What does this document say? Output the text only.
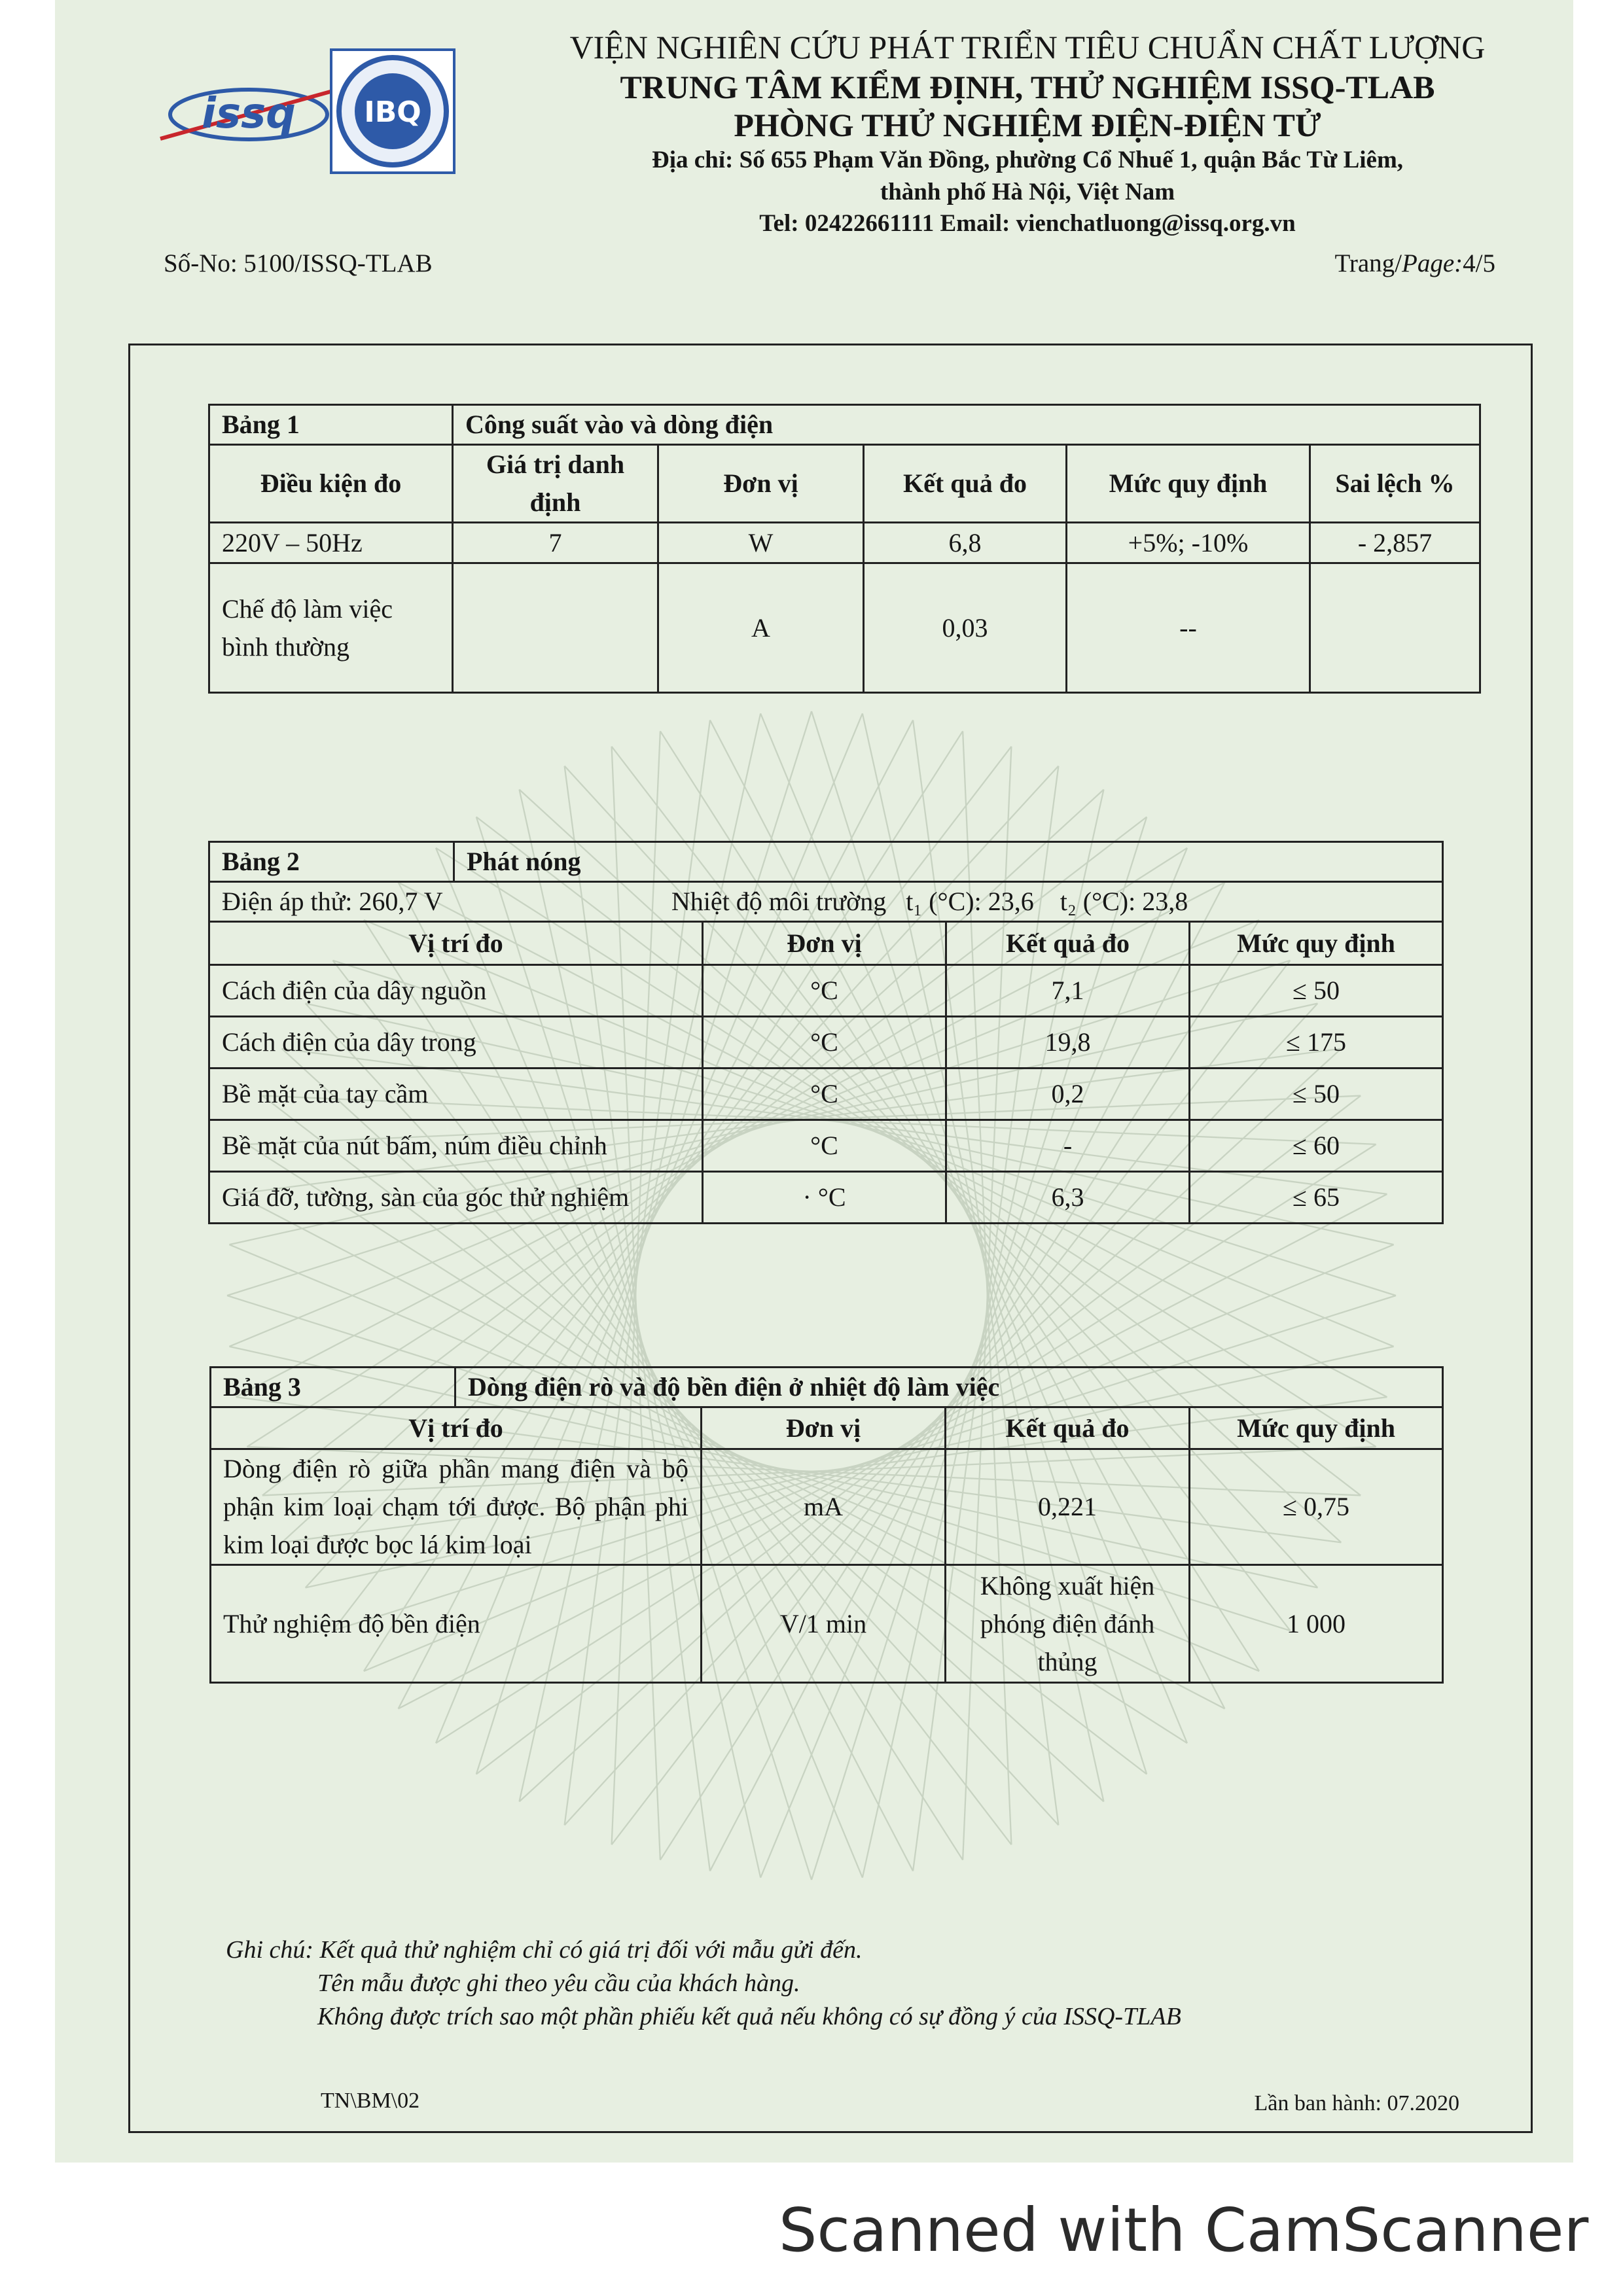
issq IBQ
VIỆN NGHIÊN CỨU PHÁT TRIỂN TIÊU CHUẨN CHẤT LƯỢNG
TRUNG TÂM KIỂM ĐỊNH, THỬ NGHIỆM ISSQ-TLAB
PHÒNG THỬ NGHIỆM ĐIỆN-ĐIỆN TỬ
Địa chỉ: Số 655 Phạm Văn Đồng, phường Cổ Nhuế 1, quận Bắc Từ Liêm,
thành phố Hà Nội, Việt Nam
Tel: 02422661111 Email: vienchatluong@issq.org.vn
Số-No: 5100/ISSQ-TLAB	Trang/Page:4/5
Bảng 1	Công suất vào và dòng điện				
Điều kiện đo	Giá trị danh định	Đơn vị	Kết quả đo	Mức quy định	Sai lệch %
220V – 50Hz	7	W	6,8	+5%; -10%	- 2,857
Chế độ làm việc bình thường		A	0,03	--	
Bảng 2	Phát nóng			
Điện áp thử: 260,7 V Nhiệt độ môi trường t₁ (°C): 23,6 t₂ (°C): 23,8				
Vị trí đo		Đơn vị	Kết quả đo	Mức quy định
Cách điện của dây nguồn		°C	7,1	≤ 50
Cách điện của dây trong		°C	19,8	≤ 175
Bề mặt của tay cầm		°C	0,2	≤ 50
Bề mặt của nút bấm, núm điều chỉnh		°C	-	≤ 60
Giá đỡ, tường, sàn của góc thử nghiệm		· °C	6,3	≤ 65
Bảng 3	Dòng điện rò và độ bền điện ở nhiệt độ làm việc			
Vị trí đo		Đơn vị	Kết quả đo	Mức quy định
Dòng điện rò giữa phần mang điện và bộ phận kim loại chạm tới được. Bộ phận phi kim loại được bọc lá kim loại		mA	0,221	≤ 0,75
Thử nghiệm độ bền điện		V/1 min	Không xuất hiện phóng điện đánh thủng	1 000
Ghi chú: Kết quả thử nghiệm chỉ có giá trị đối với mẫu gửi đến.
Tên mẫu được ghi theo yêu cầu của khách hàng.
Không được trích sao một phần phiếu kết quả nếu không có sự đồng ý của ISSQ-TLAB
TN\BM\02	Lần ban hành: 07.2020
Scanned with CamScanner
